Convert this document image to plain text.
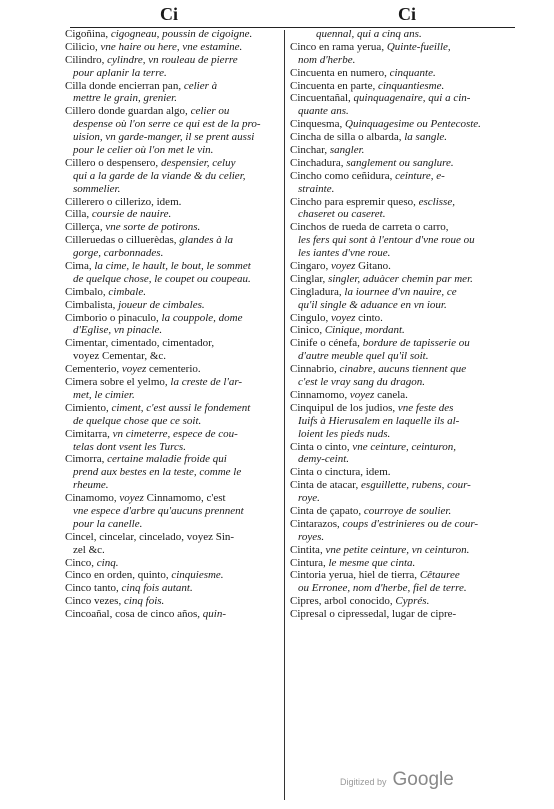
Ci	Ci
Cigoñina, cigogneau, poussin de cigoigne.
Cilicio, vne haire ou here, vne estamine.
Cilindro, cylindre, vn rouleau de pierre
pour aplanir la terre.
Cilla donde encierran pan, celier à
mettre le grain, grenier.
Cillero donde guardan algo, celier ou
despense où l'on serre ce qui est de la pro-
uision, vn garde-manger, il se prent aussi
pour le celier où l'on met le vin.
Cillero o despensero, despensier, celuy
qui a la garde de la viande & du celier,
sommelier.
Cillerero o cillerizo, idem.
Cilla, coursie de nauire.
Cillerça, vne sorte de potirons.
Cilleruedas o cilluerèdas, glandes à la
gorge, carbonnades.
Cima, la cime, le hault, le bout, le sommet
de quelque chose, le coupet ou coupeau.
Cimbalo, cimbale.
Cimbalista, joueur de cimbales.
Cimborio o pinaculo, la couppole, dome
d'Eglise, vn pinacle.
Cimentar, cimentado, cimentador,
voyez Cementar, &c.
Cementerio, voyez cementerio.
Cimera sobre el yelmo, la creste de l'ar-
met, le cimier.
Cimiento, ciment, c'est aussi le fondement
de quelque chose que ce soit.
Cimitarra, vn cimeterre, espece de cou-
telas dont vsent les Turcs.
Cimorra, certaine maladie froide qui
prend aux bestes en la teste, comme le
rheume.
Cinamomo, voyez Cinnamomo, c'est
vne espece d'arbre qu'aucuns prennent
pour la canelle.
Cincel, cincelar, cincelado, voyez Sin-
zel &c.
Cinco, cinq.
Cinco en orden, quinto, cinquiesme.
Cinco tanto, cinq fois autant.
Cinco vezes, cinq fois.
Cincoañal, cosa de cinco años, quin-
quennal, qui a cinq ans.
Cinco en rama yerua, Quinte-fueille,
nom d'herbe.
Cincuenta en numero, cinquante.
Cincuenta en parte, cinquantiesme.
Cincuentañal, quinquagenaire, qui a cin-
quante ans.
Cinquesma, Quinquagesime ou Pentecoste.
Cincha de silla o albarda, la sangle.
Cinchar, sangler.
Cinchadura, sanglement ou sanglure.
Cincho como ceñidura, ceinture, e-
strainte.
Cincho para espremir queso, esclisse,
chaseret ou caseret.
Cinchos de rueda de carreta o carro,
les fers qui sont à l'entour d'vne roue ou
les iantes d'vne roue.
Cingaro, voyez Gitano.
Cinglar, singler, aduàcer chemin par mer.
Cingladura, la iournee d'vn nauire, ce
qu'il single & aduance en vn iour.
Cingulo, voyez cinto.
Cinico, Cinique, mordant.
Cinife o cénefa, bordure de tapisserie ou
d'autre meuble quel qu'il soit.
Cinnabrio, cinabre, aucuns tiennent que
c'est le vray sang du dragon.
Cinnamomo, voyez canela.
Cinquipul de los judios, vne feste des
Iuifs à Hierusalem en laquelle ils al-
loient les pieds nuds.
Cinta o cinto, vne ceinture, ceinturon,
demy-ceint.
Cinta o cinctura, idem.
Cinta de atacar, esguillette, rubens, cour-
roye.
Cinta de çapato, courroye de soulier.
Cintarazos, coups d'estrinieres ou de cour-
royes.
Cintita, vne petite ceinture, vn ceinturon.
Cintura, le mesme que cinta.
Cintoria yerua, hiel de tierra, Cêtauree
ou Erronee, nom d'herbe, fiel de terre.
Cipres, arbol conocido, Cyprés.
Cipresal o cipressedal, lugar de cipre-
Digitized by Google
